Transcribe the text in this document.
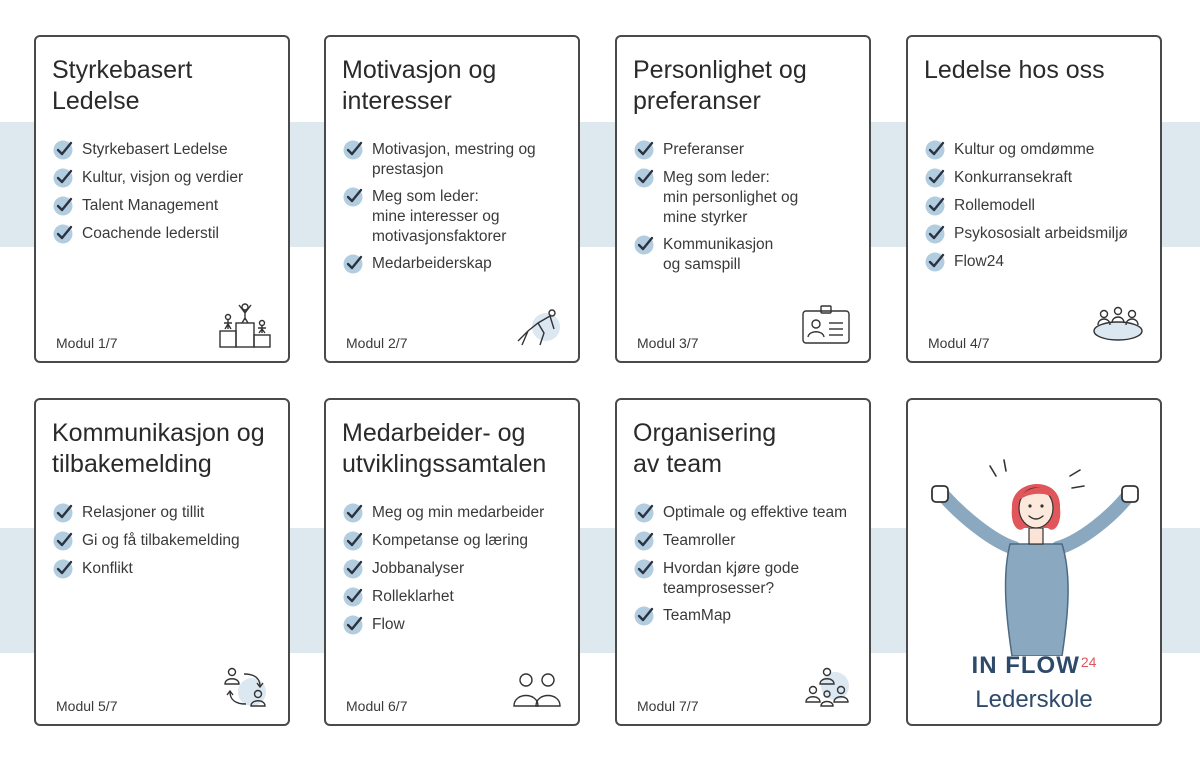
Styrkebasert
Ledelse
Styrkebasert Ledelse
Kultur, visjon og verdier
Talent Management
Coachende lederstil
Modul 1/7
Motivasjon og
interesser
Motivasjon, mestring og
prestasjon
Meg som leder:
mine interesser og
motivasjonsfaktorer
Medarbeiderskap
Modul 2/7
Personlighet og
preferanser
Preferanser
Meg som leder:
min personlighet og
mine styrker
Kommunikasjon
og samspill
Modul 3/7
Ledelse hos oss
Kultur og omdømme
Konkurransekraft
Rollemodell
Psykososialt arbeidsmiljø
Flow24
Modul 4/7
Kommunikasjon og
tilbakemelding
Relasjoner og tillit
Gi og få tilbakemelding
Konflikt
Modul 5/7
Medarbeider- og
utviklingssamtalen
Meg og min medarbeider
Kompetanse og læring
Jobbanalyser
Rolleklarhet
Flow
Modul 6/7
Organisering
av team
Optimale og effektive team
Teamroller
Hvordan kjøre gode
teamprosesser?
TeamMap
Modul 7/7
IN FLOW$^{24}$
Lederskole
